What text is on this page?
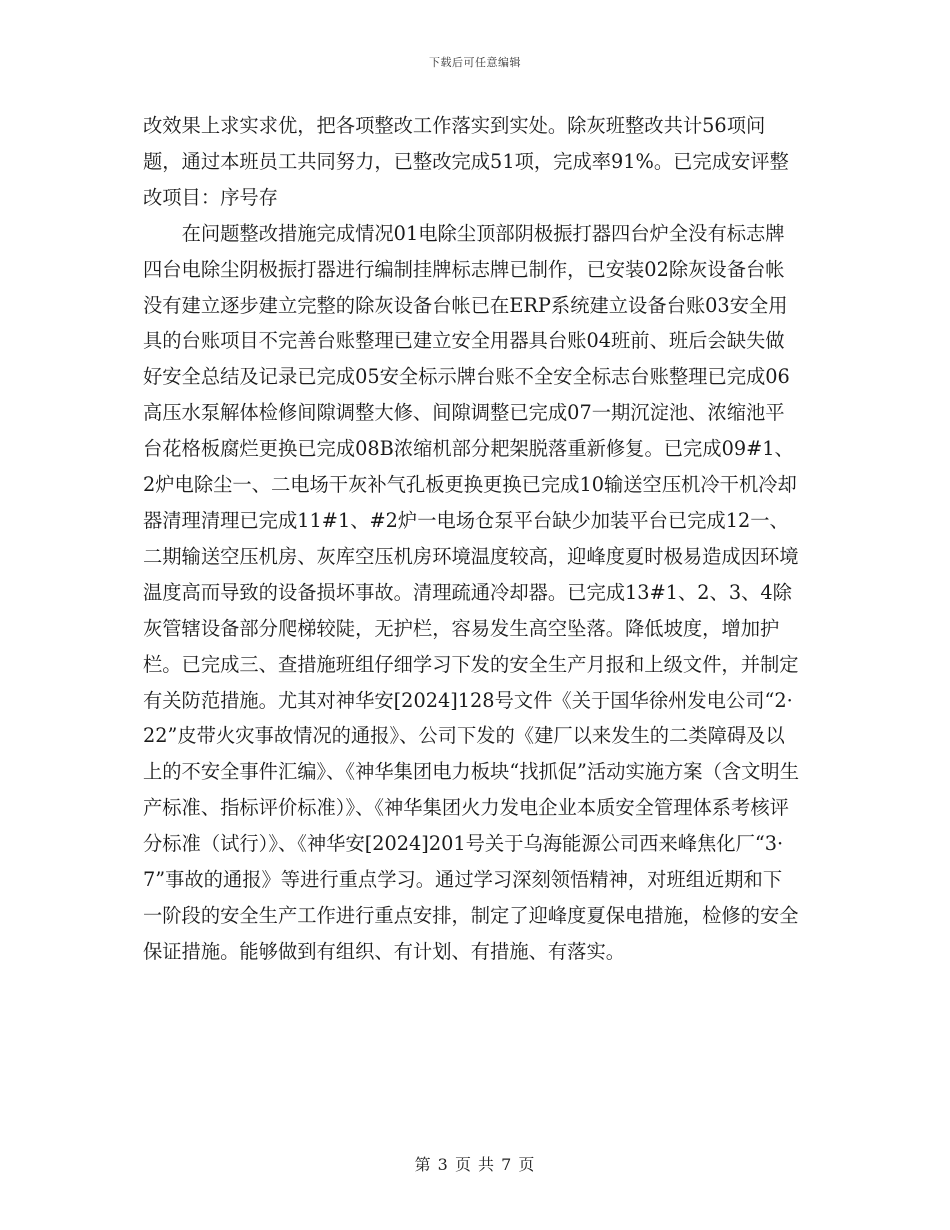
下载后可任意编辑

改效果上求实求优，把各项整改工作落实到实处。除灰班整改共计56项问题，通过本班员工共同努力，已整改完成51项，完成率91%。已完成安评整改项目：序号存

在问题整改措施完成情况01电除尘顶部阴极振打器四台炉全没有标志牌四台电除尘阴极振打器进行编制挂牌标志牌已制作，已安装02除灰设备台帐没有建立逐步建立完整的除灰设备台帐已在ERP系统建立设备台账03安全用具的台账项目不完善台账整理已建立安全用器具台账04班前、班后会缺失做好安全总结及记录已完成05安全标示牌台账不全安全标志台账整理已完成06高压水泵解体检修间隙调整大修、间隙调整已完成07一期沉淀池、浓缩池平台花格板腐烂更换已完成08B浓缩机部分耙架脱落重新修复。已完成09#1、2炉电除尘一、二电场干灰补气孔板更换更换已完成10输送空压机冷干机冷却器清理清理已完成11#1、#2炉一电场仓泵平台缺少加装平台已完成12一、二期输送空压机房、灰库空压机房环境温度较高，迎峰度夏时极易造成因环境温度高而导致的设备损坏事故。清理疏通冷却器。已完成13#1、2、3、4除灰管辖设备部分爬梯较陡，无护栏，容易发生高空坠落。降低坡度，增加护栏。已完成三、查措施班组仔细学习下发的安全生产月报和上级文件，并制定有关防范措施。尤其对神华安[2024]128号文件《关于国华徐州发电公司“2·22”皮带火灾事故情况的通报》、公司下发的《建厂以来发生的二类障碍及以上的不安全事件汇编》、《神华集团电力板块“找抓促”活动实施方案（含文明生产标准、指标评价标准）》、《神华集团火力发电企业本质安全管理体系考核评分标准（试行）》、《神华安[2024]201号关于乌海能源公司西来峰焦化厂“3·7”事故的通报》等进行重点学习。通过学习深刻领悟精神，对班组近期和下一阶段的安全生产工作进行重点安排，制定了迎峰度夏保电措施，检修的安全保证措施。能够做到有组织、有计划、有措施、有落实。

第 3 页 共 7 页
